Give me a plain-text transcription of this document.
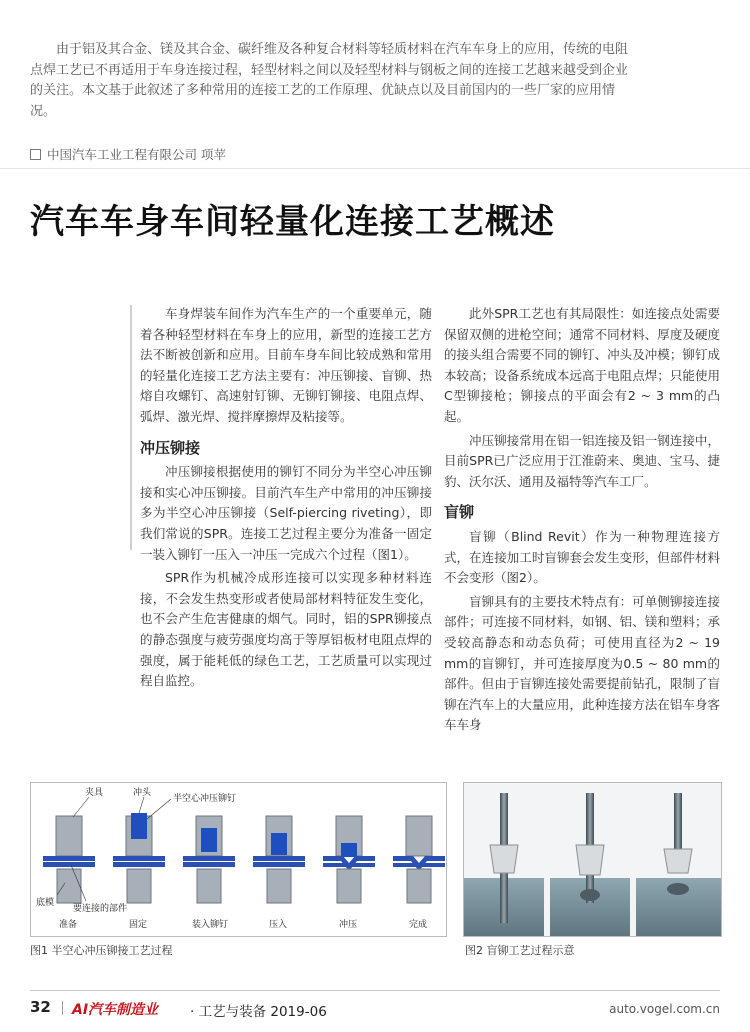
由于铝及其合金、镁及其合金、碳纤维及各种复合材料等轻质材料在汽车车身上的应用，传统的电阻点焊工艺已不再适用于车身连接过程，轻型材料之间以及轻型材料与钢板之间的连接工艺越来越受到企业的关注。本文基于此叙述了多种常用的连接工艺的工作原理、优缺点以及目前国内的一些厂家的应用情况。

中国汽车工业工程有限公司 项苹
汽车车身车间轻量化连接工艺概述

车身焊装车间作为汽车生产的一个重要单元，随着各种轻型材料在车身上的应用，新型的连接工艺方法不断被创新和应用。目前车身车间比较成熟和常用的轻量化连接工艺方法主要有：冲压铆接、盲铆、热熔自攻螺钉、高速射钉铆、无铆钉铆接、电阻点焊、弧焊、激光焊、搅拌摩擦焊及粘接等。

冲压铆接

冲压铆接根据使用的铆钉不同分为半空心冲压铆接和实心冲压铆接。目前汽车生产中常用的冲压铆接多为半空心冲压铆接（Self-piercing riveting），即我们常说的SPR。连接工艺过程主要分为准备一固定一装入铆钉一压入一冲压一完成六个过程（图1）。

SPR作为机械冷成形连接可以实现多种材料连接，不会发生热变形或者使局部材料特征发生变化，也不会产生危害健康的烟气。同时，铝的SPR铆接点的静态强度与疲劳强度均高于等厚铝板材电阻点焊的强度，属于能耗低的绿色工艺，工艺质量可以实现过程自监控。

此外SPR工艺也有其局限性：如连接点处需要保留双侧的进枪空间；通常不同材料、厚度及硬度的接头组合需要不同的铆钉、冲头及冲模；铆钉成本较高；设备系统成本远高于电阻点焊；只能使用C型铆接枪；铆接点的平面会有2 ~ 3 mm的凸起。

冲压铆接常用在铝一铝连接及铝一钢连接中，目前SPR已广泛应用于江淮蔚来、奥迪、宝马、捷豹、沃尔沃、通用及福特等汽车工厂。

盲铆

盲铆（Blind Revit）作为一种物理连接方式，在连接加工时盲铆套会发生变形，但部件材料不会变形（图2）。

盲铆具有的主要技术特点有：可单侧铆接连接部件；可连接不同材料，如钢、铝、镁和塑料；承受较高静态和动态负荷；可使用直径为2 ~ 19 mm的盲铆钉，并可连接厚度为0.5 ~ 80 mm的部件。但由于盲铆连接处需要提前钻孔，限制了盲铆在汽车上的大量应用，此种连接方法在铝车身客车车身

夹具	冲头
半空心冲压铆钉
底模
要连接的部件
准备	固定	装入铆钉	压入	冲压	完成
图1 半空心冲压铆接工艺过程	图2 盲铆工艺过程示意
32 AI汽车制造业 · 工艺与装备 2019-06	auto.vogel.com.cn
